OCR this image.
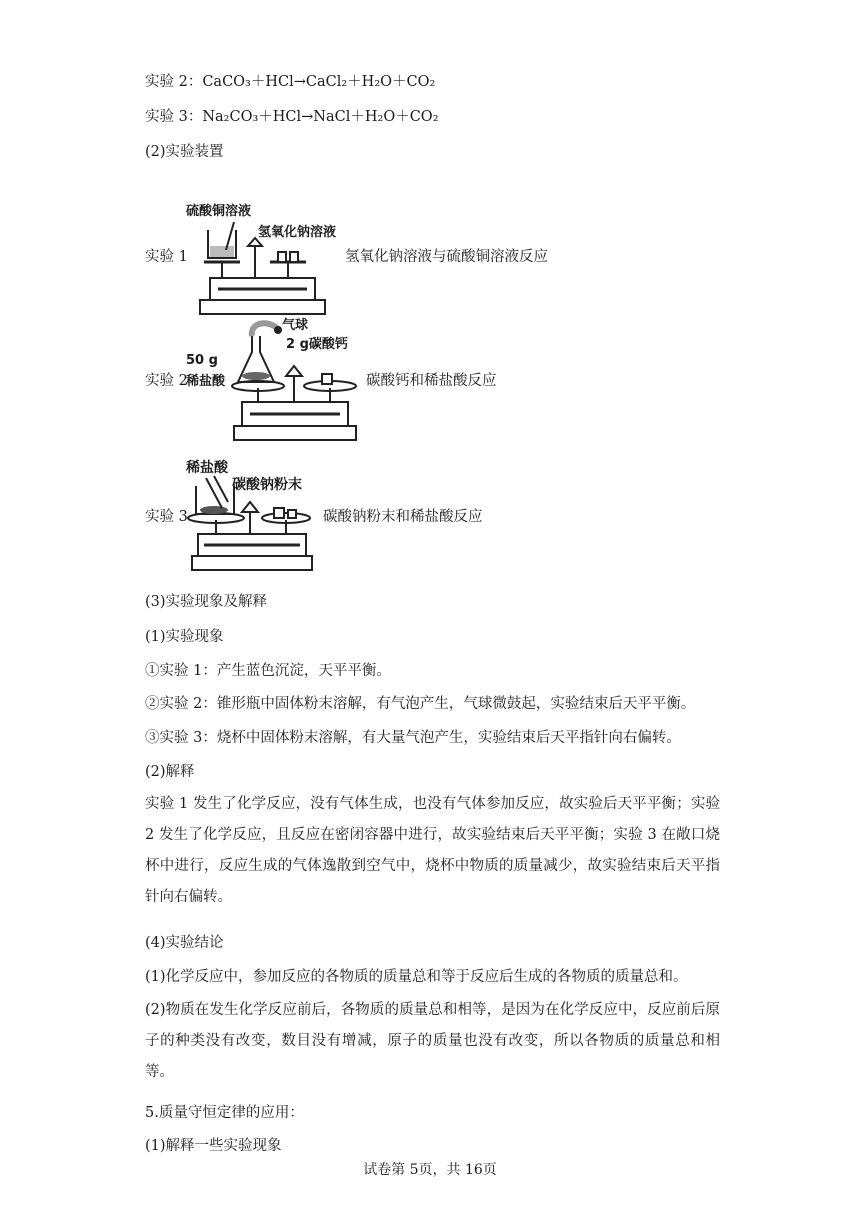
实验 2：CaCO₃＋HCl→CaCl₂＋H₂O＋CO₂
实验 3：Na₂CO₃＋HCl→NaCl＋H₂O＋CO₂
(2)实验装置
实验 1
硫酸铜溶液
氢氧化钠溶液
氢氧化钠溶液与硫酸铜溶液反应
实验 2
气球
2 g碳酸钙
50 g
稀盐酸	碳酸钙和稀盐酸反应
实验 3
稀盐酸
碳酸钠粉末
碳酸钠粉末和稀盐酸反应
(3)实验现象及解释
(1)实验现象
①实验 1：产生蓝色沉淀，天平平衡。
②实验 2：锥形瓶中固体粉末溶解，有气泡产生，气球微鼓起，实验结束后天平平衡。
③实验 3：烧杯中固体粉末溶解，有大量气泡产生，实验结束后天平指针向右偏转。
(2)解释
实验 1 发生了化学反应，没有气体生成，也没有气体参加反应，故实验后天平平衡；实验 2 发生了化学反应，且反应在密闭容器中进行，故实验结束后天平平衡；实验 3 在敞口烧杯中进行，反应生成的气体逸散到空气中，烧杯中物质的质量减少，故实验结束后天平指针向右偏转。
(4)实验结论
(1)化学反应中，参加反应的各物质的质量总和等于反应后生成的各物质的质量总和。
(2)物质在发生化学反应前后，各物质的质量总和相等，是因为在化学反应中，反应前后原子的种类没有改变，数目没有增减，原子的质量也没有改变，所以各物质的质量总和相等。
5.质量守恒定律的应用：
(1)解释一些实验现象
试卷第 5页，共 16页
